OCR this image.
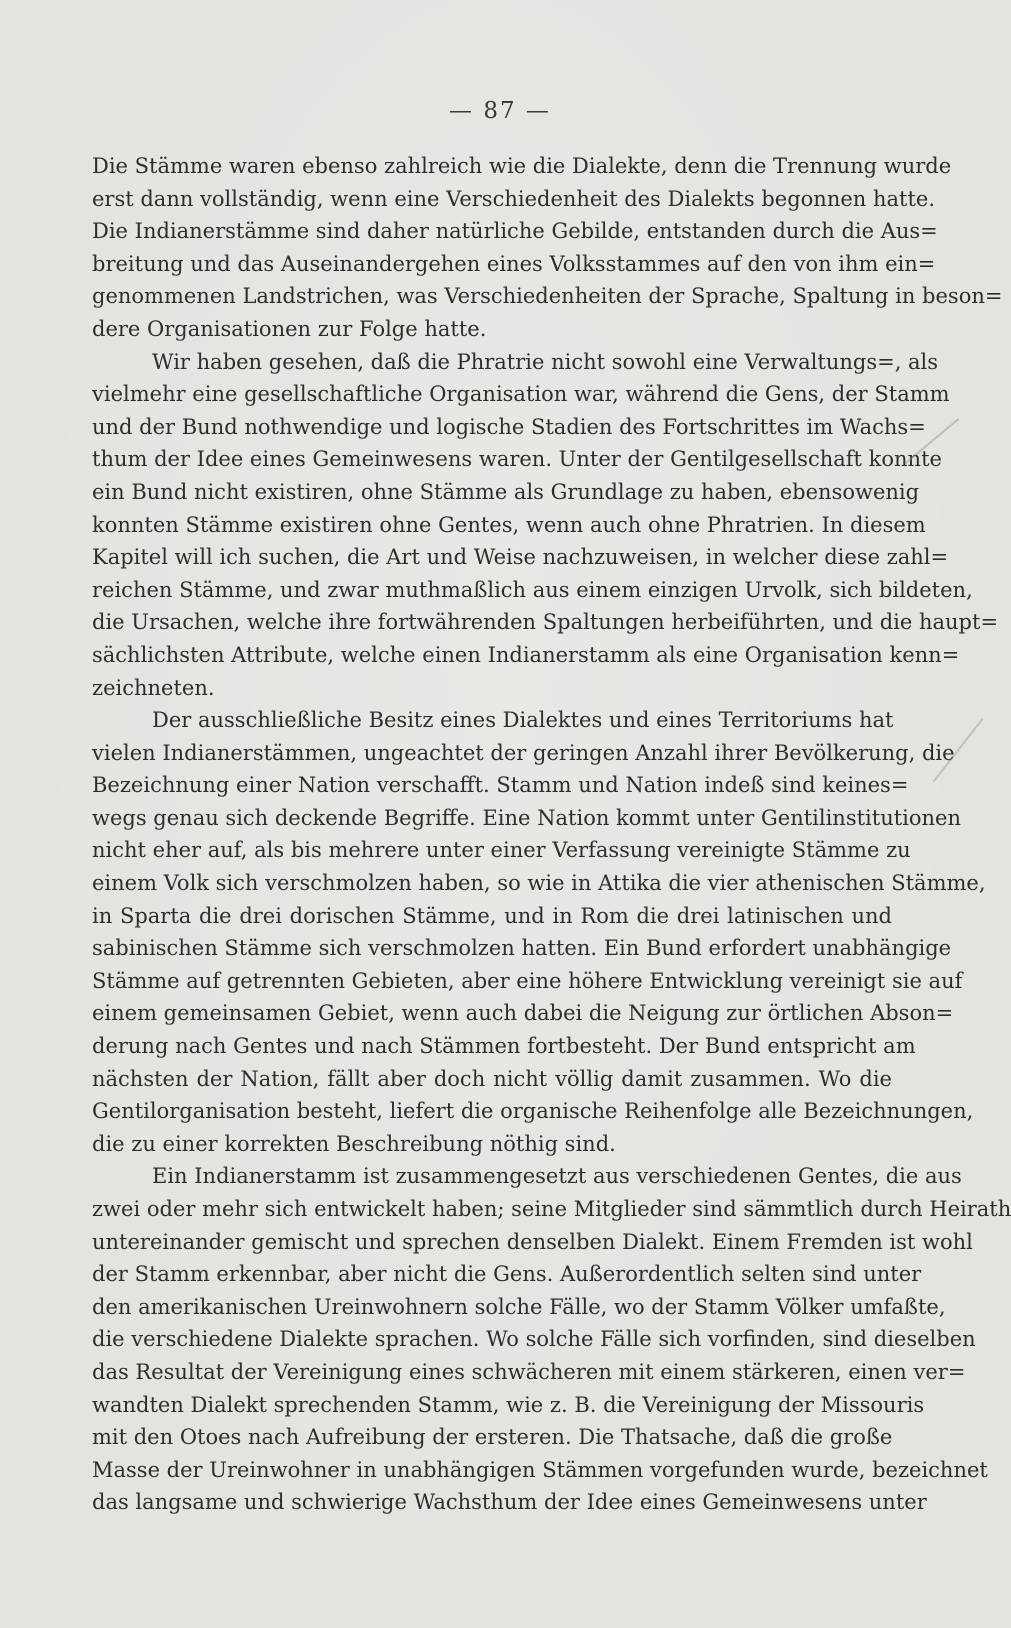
— 87 —
Die Stämme waren ebenso zahlreich wie die Dialekte, denn die Trennung wurde
erst dann vollständig, wenn eine Verschiedenheit des Dialekts begonnen hatte.
Die Indianerstämme sind daher natürliche Gebilde, entstanden durch die Aus=
breitung und das Auseinandergehen eines Volksstammes auf den von ihm ein=
genommenen Landstrichen, was Verschiedenheiten der Sprache, Spaltung in beson=
dere Organisationen zur Folge hatte.
Wir haben gesehen, daß die Phratrie nicht sowohl eine Verwaltungs=, als
vielmehr eine gesellschaftliche Organisation war, während die Gens, der Stamm
und der Bund nothwendige und logische Stadien des Fortschrittes im Wachs=
thum der Idee eines Gemeinwesens waren. Unter der Gentilgesellschaft konnte
ein Bund nicht existiren, ohne Stämme als Grundlage zu haben, ebensowenig
konnten Stämme existiren ohne Gentes, wenn auch ohne Phratrien. In diesem
Kapitel will ich suchen, die Art und Weise nachzuweisen, in welcher diese zahl=
reichen Stämme, und zwar muthmaßlich aus einem einzigen Urvolk, sich bildeten,
die Ursachen, welche ihre fortwährenden Spaltungen herbeiführten, und die haupt=
sächlichsten Attribute, welche einen Indianerstamm als eine Organisation kenn=
zeichneten.
Der ausschließliche Besitz eines Dialektes und eines Territoriums hat
vielen Indianerstämmen, ungeachtet der geringen Anzahl ihrer Bevölkerung, die
Bezeichnung einer Nation verschafft. Stamm und Nation indeß sind keines=
wegs genau sich deckende Begriffe. Eine Nation kommt unter Gentilinstitutionen
nicht eher auf, als bis mehrere unter einer Verfassung vereinigte Stämme zu
einem Volk sich verschmolzen haben, so wie in Attika die vier athenischen Stämme,
in Sparta die drei dorischen Stämme, und in Rom die drei latinischen und
sabinischen Stämme sich verschmolzen hatten. Ein Bund erfordert unabhängige
Stämme auf getrennten Gebieten, aber eine höhere Entwicklung vereinigt sie auf
einem gemeinsamen Gebiet, wenn auch dabei die Neigung zur örtlichen Abson=
derung nach Gentes und nach Stämmen fortbesteht. Der Bund entspricht am
nächsten der Nation, fällt aber doch nicht völlig damit zusammen. Wo die
Gentilorganisation besteht, liefert die organische Reihenfolge alle Bezeichnungen,
die zu einer korrekten Beschreibung nöthig sind.
Ein Indianerstamm ist zusammengesetzt aus verschiedenen Gentes, die aus
zwei oder mehr sich entwickelt haben; seine Mitglieder sind sämmtlich durch Heirath
untereinander gemischt und sprechen denselben Dialekt. Einem Fremden ist wohl
der Stamm erkennbar, aber nicht die Gens. Außerordentlich selten sind unter
den amerikanischen Ureinwohnern solche Fälle, wo der Stamm Völker umfaßte,
die verschiedene Dialekte sprachen. Wo solche Fälle sich vorfinden, sind dieselben
das Resultat der Vereinigung eines schwächeren mit einem stärkeren, einen ver=
wandten Dialekt sprechenden Stamm, wie z. B. die Vereinigung der Missouris
mit den Otoes nach Aufreibung der ersteren. Die Thatsache, daß die große
Masse der Ureinwohner in unabhängigen Stämmen vorgefunden wurde, bezeichnet
das langsame und schwierige Wachsthum der Idee eines Gemeinwesens unter
